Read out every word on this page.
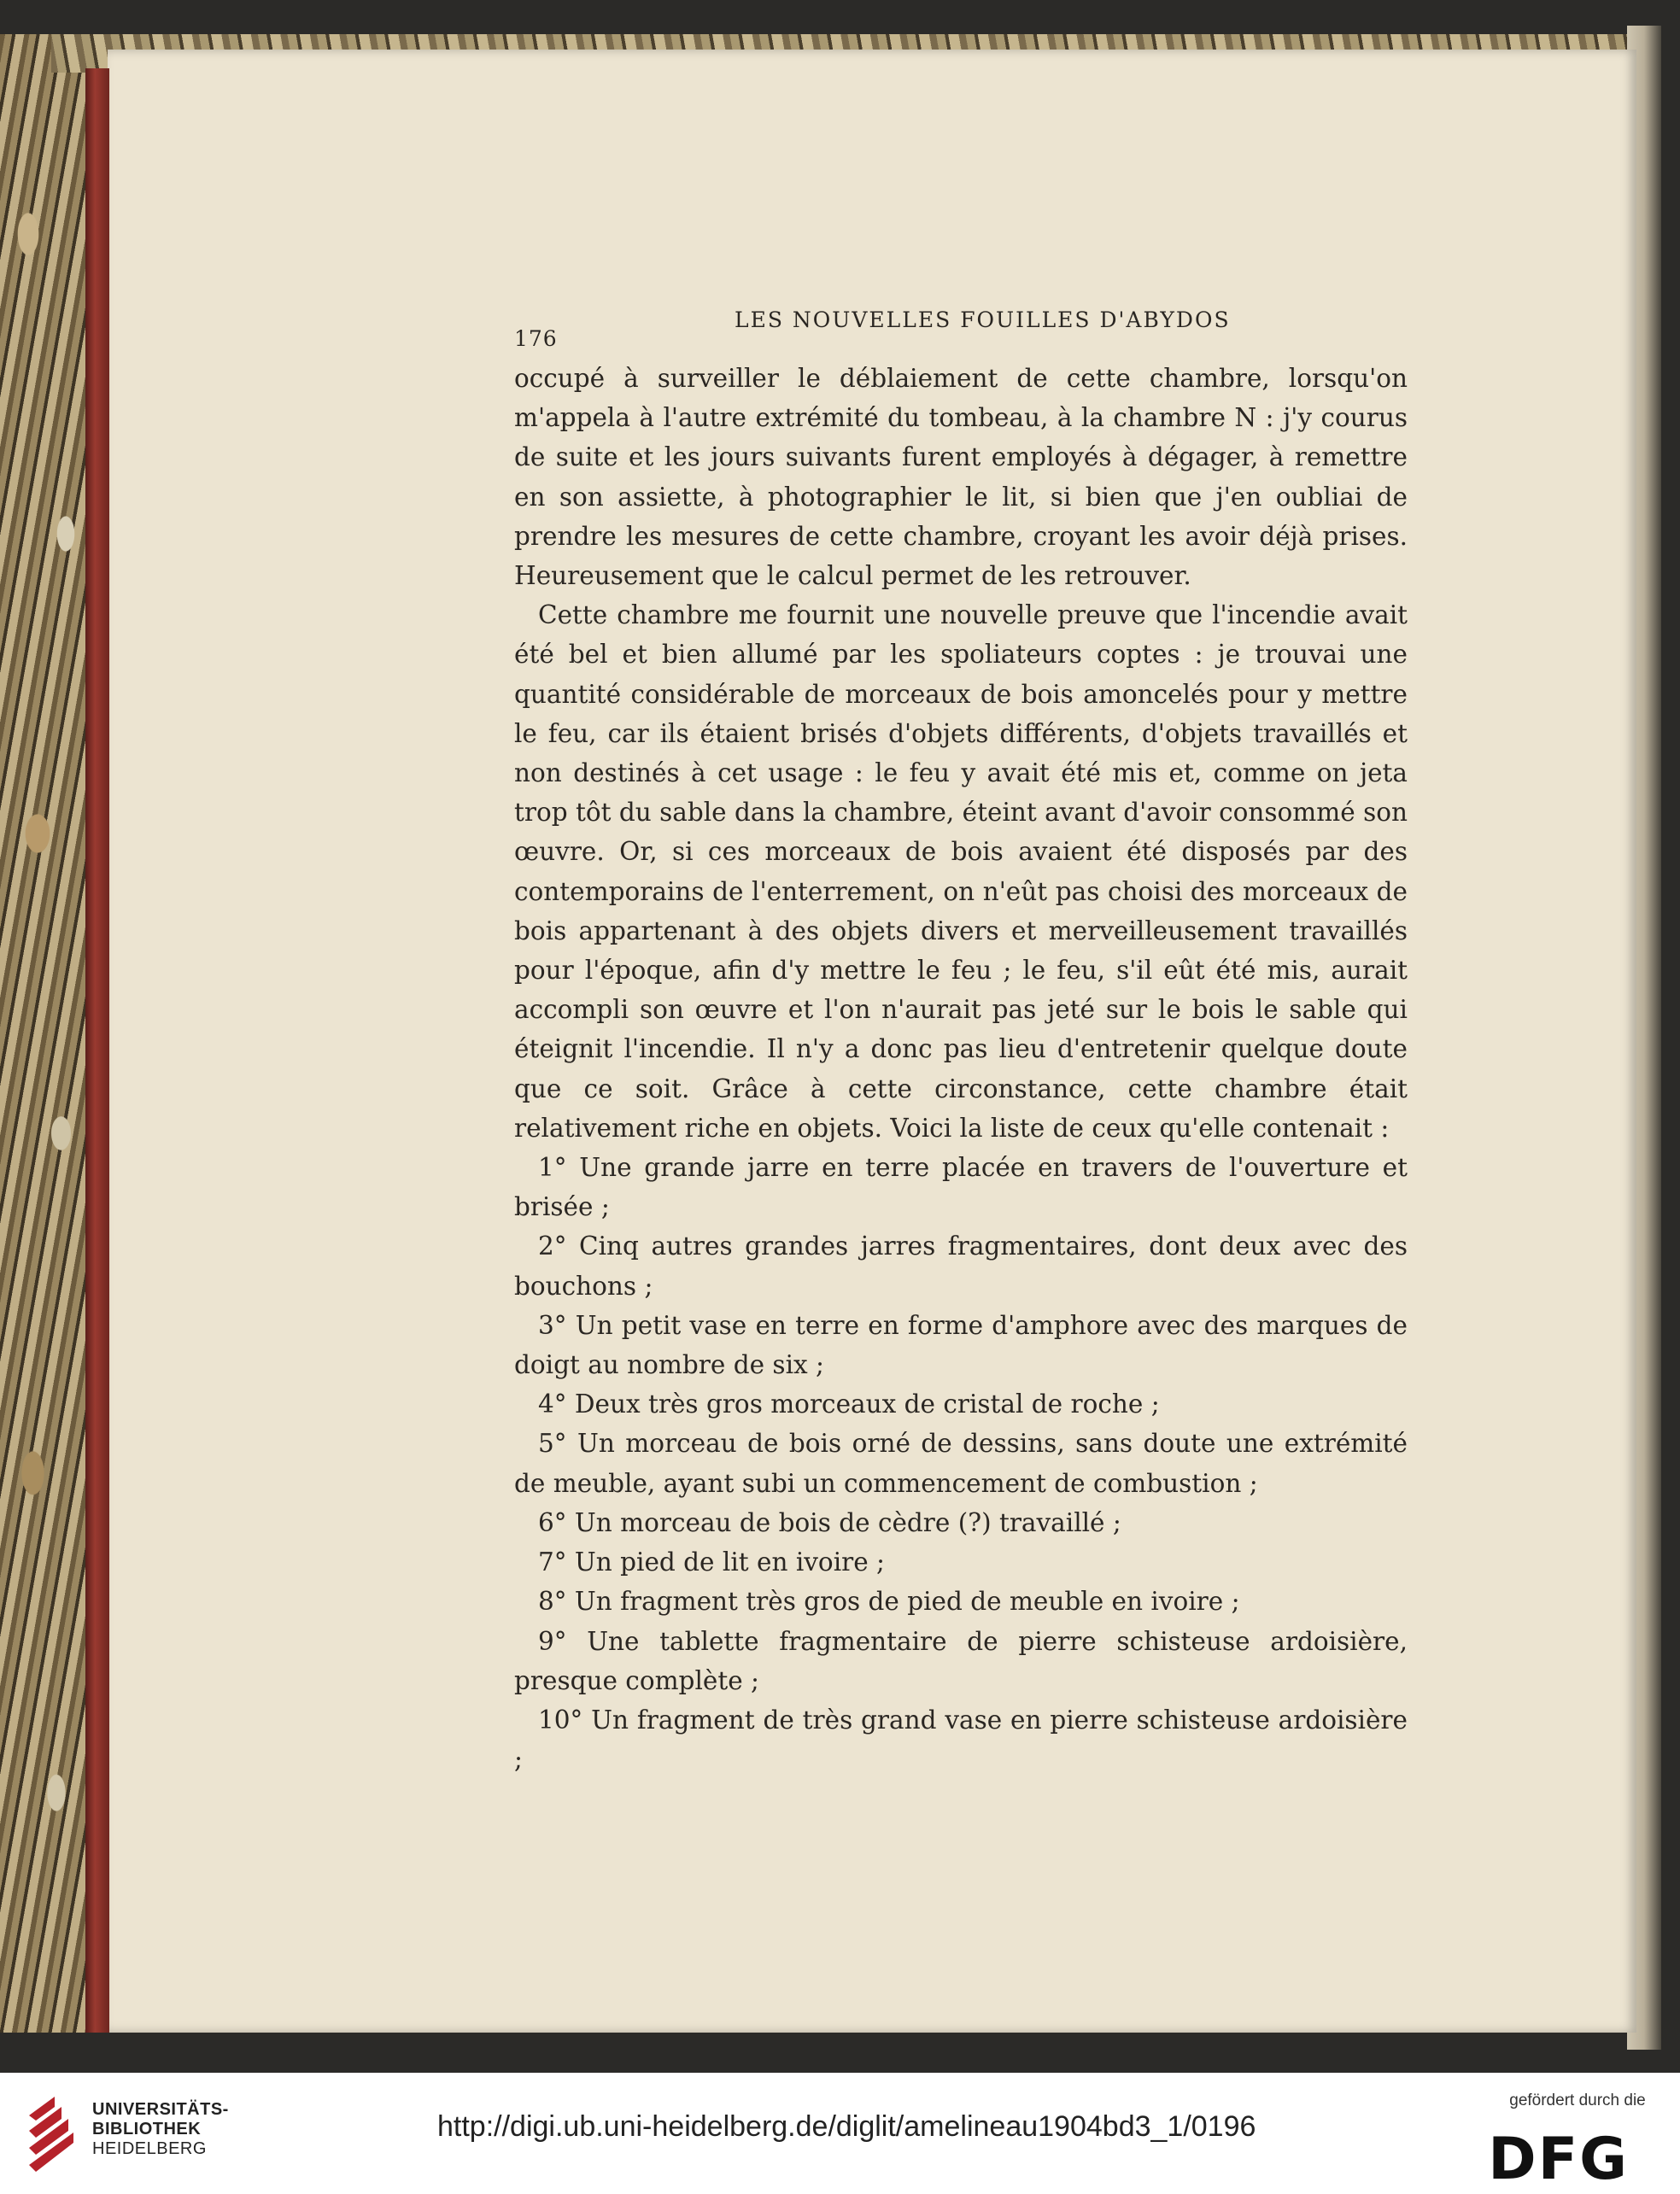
176
LES NOUVELLES FOUILLES D'ABYDOS

occupé à surveiller le déblaiement de cette chambre, lorsqu'on m'appela à l'autre extrémité du tombeau, à la chambre N : j'y courus de suite et les jours suivants furent employés à dégager, à remettre en son assiette, à photographier le lit, si bien que j'en oubliai de prendre les mesures de cette chambre, croyant les avoir déjà prises. Heureusement que le calcul permet de les retrouver.

Cette chambre me fournit une nouvelle preuve que l'incendie avait été bel et bien allumé par les spoliateurs coptes : je trouvai une quantité considérable de morceaux de bois amoncelés pour y mettre le feu, car ils étaient brisés d'objets différents, d'objets travaillés et non destinés à cet usage : le feu y avait été mis et, comme on jeta trop tôt du sable dans la chambre, éteint avant d'avoir consommé son œuvre. Or, si ces morceaux de bois avaient été disposés par des contemporains de l'enterrement, on n'eût pas choisi des morceaux de bois appartenant à des objets divers et merveilleusement travaillés pour l'époque, afin d'y mettre le feu ; le feu, s'il eût été mis, aurait accompli son œuvre et l'on n'aurait pas jeté sur le bois le sable qui éteignit l'incendie. Il n'y a donc pas lieu d'entretenir quelque doute que ce soit. Grâce à cette circonstance, cette chambre était relativement riche en objets. Voici la liste de ceux qu'elle contenait :

1° Une grande jarre en terre placée en travers de l'ouverture et brisée ;

2° Cinq autres grandes jarres fragmentaires, dont deux avec des bouchons ;

3° Un petit vase en terre en forme d'amphore avec des marques de doigt au nombre de six ;

4° Deux très gros morceaux de cristal de roche ;

5° Un morceau de bois orné de dessins, sans doute une extrémité de meuble, ayant subi un commencement de combustion ;

6° Un morceau de bois de cèdre (?) travaillé ;

7° Un pied de lit en ivoire ;

8° Un fragment très gros de pied de meuble en ivoire ;

9° Une tablette fragmentaire de pierre schisteuse ardoisière, presque complète ;

10° Un fragment de très grand vase en pierre schisteuse ardoisière ;

UNIVERSITÄTS-
BIBLIOTHEK
HEIDELBERG
http://digi.ub.uni-heidelberg.de/diglit/amelineau1904bd3_1/0196
gefördert durch die
DFG
